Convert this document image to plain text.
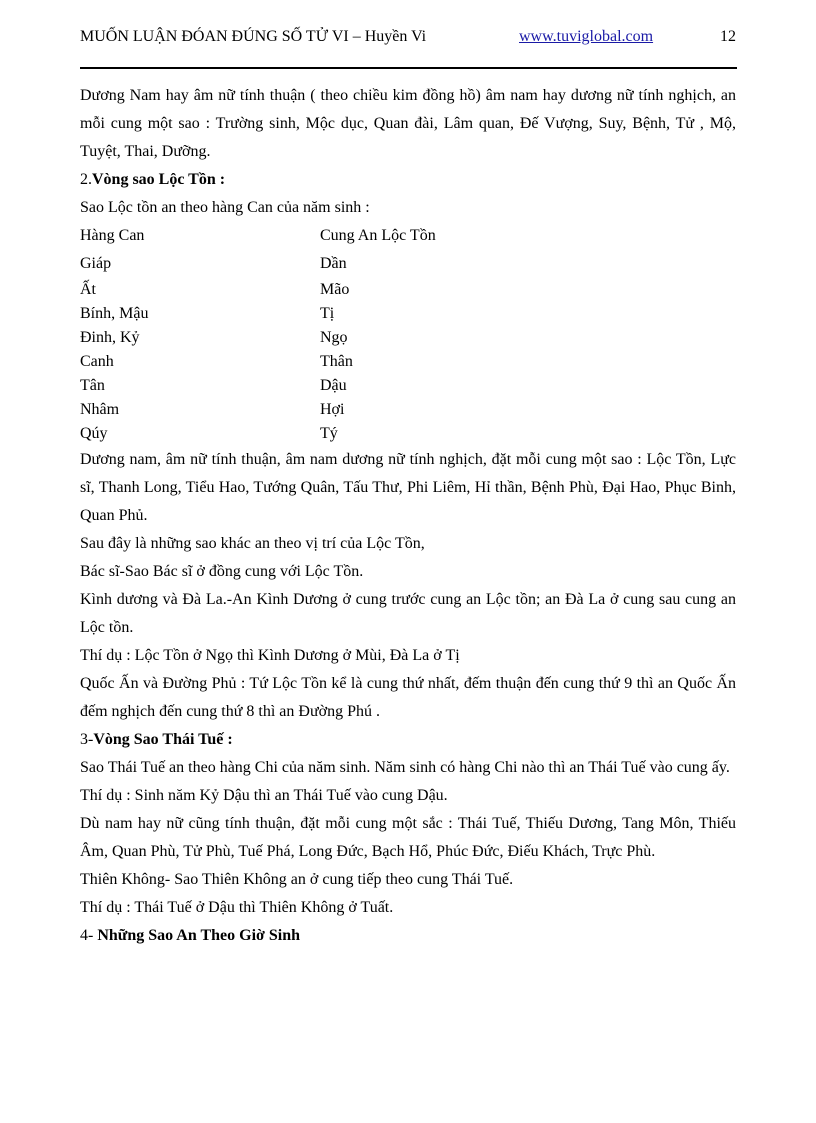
MUỐN LUẬN ĐÓAN ĐÚNG SỐ TỬ VI – Huyền Vi	www.tuviglobal.com	12

Dương Nam hay âm nữ tính thuận ( theo chiều kim đồng hồ) âm nam hay dương nữ tính nghịch, an mỗi cung một sao : Trường sinh, Mộc dục, Quan đài, Lâm quan, Đế Vượng, Suy, Bệnh, Tử , Mộ, Tuyệt, Thai, Dưỡng.

2.Vòng sao Lộc Tồn :

Sao Lộc tồn an theo hàng Can của năm sinh :

Hàng Can	Cung An Lộc Tồn
Giáp	Dần
Ất	Mão
Bính, Mậu	Tị
Đinh, Kỷ	Ngọ
Canh	Thân
Tân	Dậu
Nhâm	Hợi
Qúy	Tý

Dương nam, âm nữ tính thuận, âm nam dương nữ tính nghịch, đặt mỗi cung một sao : Lộc Tồn, Lực sĩ, Thanh Long, Tiểu Hao, Tướng Quân, Tấu Thư, Phi Liêm, Hỉ thần, Bệnh Phù, Đại Hao, Phục Binh, Quan Phủ.

Sau đây là những sao khác an theo vị trí của Lộc Tồn,

Bác sĩ-Sao Bác sĩ ở đồng cung với Lộc Tồn.

Kình dương và Đà La.-An Kình Dương ở cung trước cung an Lộc tồn; an Đà La ở cung sau cung an Lộc tồn.

Thí dụ : Lộc Tồn ở Ngọ thì Kình Dương ở Mùi, Đà La ở Tị

Quốc Ấn và Đường Phủ : Tứ Lộc Tồn kể là cung thứ nhất, đếm thuận đến cung thứ 9 thì an Quốc Ấn đếm nghịch đến cung thứ 8 thì an Đường Phú .

3-Vòng Sao Thái Tuế :

Sao Thái Tuế an theo hàng Chi của năm sinh. Năm sinh có hàng Chi nào thì an Thái Tuế vào cung ấy.

Thí dụ : Sinh năm Kỷ Dậu thì an Thái Tuế vào cung Dậu.

Dù nam hay nữ cũng tính thuận, đặt mỗi cung một sắc : Thái Tuế, Thiếu Dương, Tang Môn, Thiếu Âm, Quan Phù, Tử Phù, Tuế Phá, Long Đức, Bạch Hổ, Phúc Đức, Điếu Khách, Trực Phù.

Thiên Không- Sao Thiên Không an ở cung tiếp theo cung Thái Tuế.

Thí dụ : Thái Tuế ở Dậu thì Thiên Không ở Tuất.

4- Những Sao An Theo Giờ Sinh
